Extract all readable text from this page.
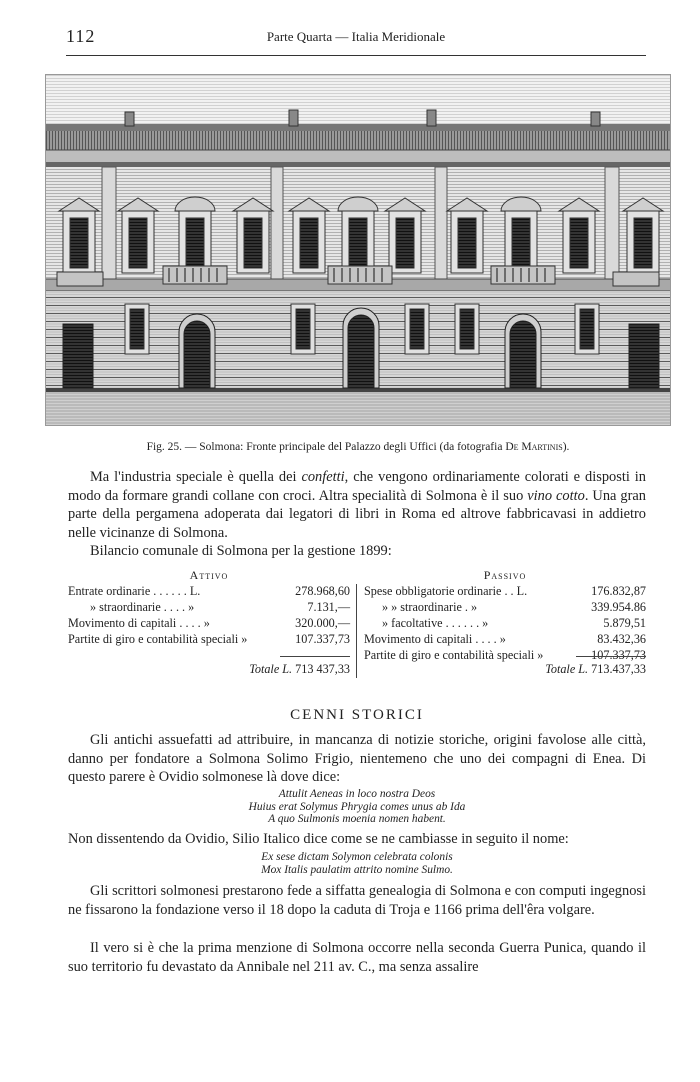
112	Parte Quarta — Italia Meridionale
Fig. 25. — Solmona: Fronte principale del Palazzo degli Uffici (da fotografia De Martinis).

Ma l'industria speciale è quella dei confetti, che vengono ordinariamente colorati e disposti in modo da formare grandi collane con croci. Altra specialità di Solmona è il suo vino cotto. Una gran parte della pergamena adoperata dai legatori di libri in Roma ed altrove fabbricavasi in addietro nelle vicinanze di Solmona.

Bilancio comunale di Solmona per la gestione 1899:

Attivo
Entrate ordinarie . . . . . . L.	278.968,60
» straordinarie . . . . »	7.131,—
Movimento di capitali . . . . »	320.000,—
Partite di giro e contabilità speciali »	107.337,73
Totale L. 713 437,33
Passivo
Spese obbligatorie ordinarie . . L.	176.832,87
» » straordinarie . »	339.954.86
» facoltative . . . . . . »	5.879,51
Movimento di capitali . . . . »	83.432,36
Partite di giro e contabilità speciali »	107.337,73
Totale L. 713.437,33
CENNI STORICI

Gli antichi assuefatti ad attribuire, in mancanza di notizie storiche, origini favolose alle città, danno per fondatore a Solmona Solimo Frigio, nientemeno che uno dei compagni di Enea. Di questo parere è Ovidio solmonese là dove dice:

Attulit Aeneas in loco nostra Deos
Huius erat Solymus Phrygia comes unus ab Ida
A quo Sulmonis moenia nomen habent.

Non dissentendo da Ovidio, Silio Italico dice come se ne cambiasse in seguito il nome:

Ex sese dictam Solymon celebrata colonis
Mox Italis paulatim attrito nomine Sulmo.

Gli scrittori solmonesi prestarono fede a siffatta genealogia di Solmona e con computi ingegnosi ne fissarono la fondazione verso il 18 dopo la caduta di Troja e 1166 prima dell'êra volgare.

Il vero si è che la prima menzione di Solmona occorre nella seconda Guerra Punica, quando il suo territorio fu devastato da Annibale nel 211 av. C., ma senza assalire
